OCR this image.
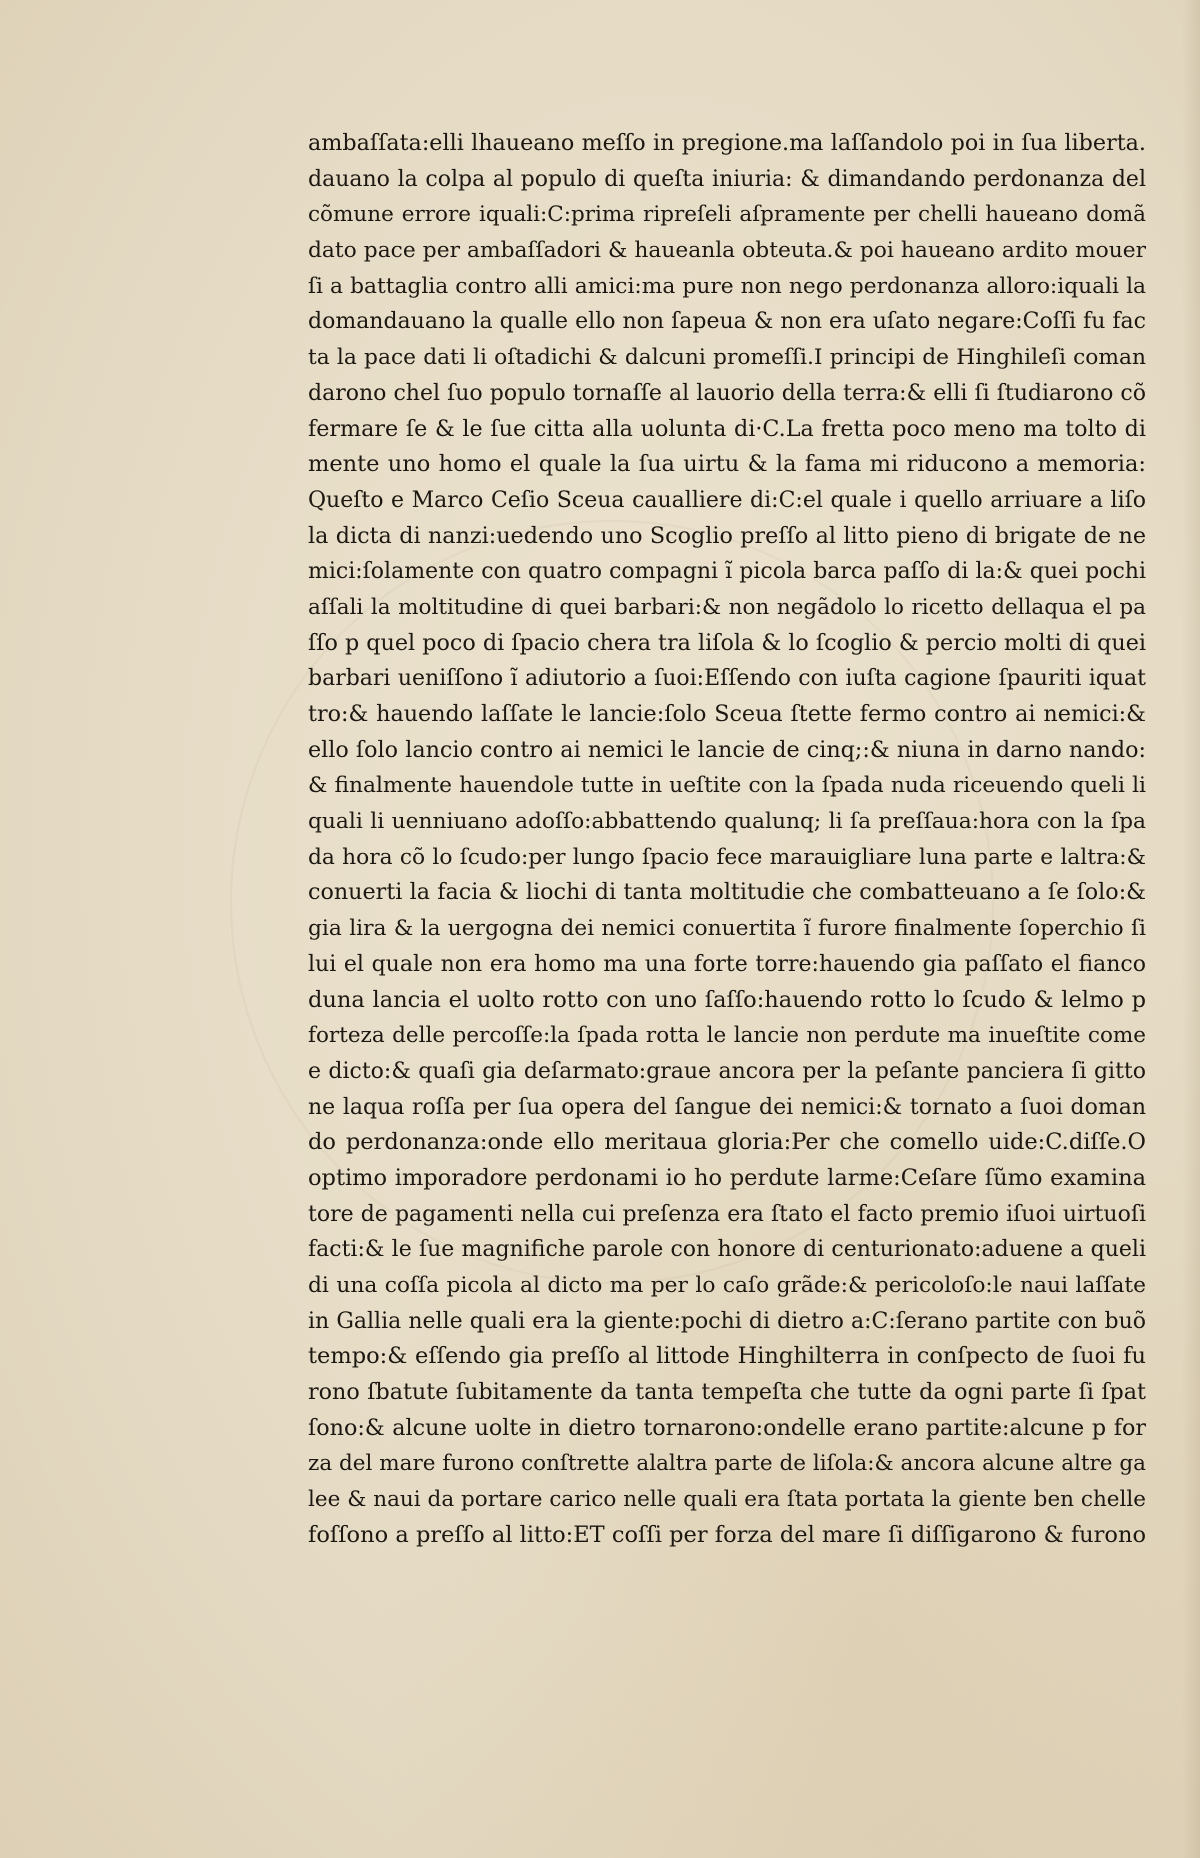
ambaſſata:elli lhaueano meſſo in pregione.ma laſſandolo poi in ſua liberta.
dauano la colpa al populo di queſta iniuria: & dimandando perdonanza del
cõmune errore iquali:C:prima ripreſeli aſpramente per chelli haueano domã
dato pace per ambaſſadori & haueanla obteuta.& poi haueano ardito mouer
ſi a battaglia contro alli amici:ma pure non nego perdonanza alloro:iquali la
domandauano la qualle ello non ſapeua & non era uſato negare:Coſſi fu fac
ta la pace dati li oſtadichi & dalcuni promeſſi.I principi de Hinghileſi coman
darono chel ſuo populo tornaſſe al lauorio della terra:& elli ſi ſtudiarono cõ
fermare ſe & le ſue citta alla uolunta di·C.La fretta poco meno ma tolto di
mente uno homo el quale la ſua uirtu & la fama mi riducono a memoria:
Queſto e Marco Ceſio Sceua caualliere di:C:el quale i quello arriuare a liſo
la dicta di nanzi:uedendo uno Scoglio preſſo al litto pieno di brigate de ne
mici:ſolamente con quatro compagni ĩ picola barca paſſo di la:& quei pochi
aſſali la moltitudine di quei barbari:& non negãdolo lo ricetto dellaqua el pa
ſſo p quel poco di ſpacio chera tra liſola & lo ſcoglio & percio molti di quei
barbari ueniſſono ĩ adiutorio a ſuoi:Eſſendo con iuſta cagione ſpauriti iquat
tro:& hauendo laſſate le lancie:ſolo Sceua ſtette fermo contro ai nemici:&
ello ſolo lancio contro ai nemici le lancie de cinq;:& niuna in darno nando:
& finalmente hauendole tutte in ueſtite con la ſpada nuda riceuendo queli li
quali li uenniuano adoſſo:abbattendo qualunq; li ſa preſſaua:hora con la ſpa
da hora cõ lo ſcudo:per lungo ſpacio fece marauigliare luna parte e laltra:&
conuerti la facia & liochi di tanta moltitudie che combatteuano a ſe ſolo:&
gia lira & la uergogna dei nemici conuertita ĩ furore finalmente ſoperchio ſi
lui el quale non era homo ma una forte torre:hauendo gia paſſato el fianco
duna lancia el uolto rotto con uno ſaſſo:hauendo rotto lo ſcudo & lelmo p
forteza delle percoſſe:la ſpada rotta le lancie non perdute ma inueſtite come
e dicto:& quaſi gia deſarmato:graue ancora per la peſante panciera ſi gitto
ne laqua roſſa per ſua opera del ſangue dei nemici:& tornato a ſuoi doman
do perdonanza:onde ello meritaua gloria:Per che comello uide:C.diſſe.O
optimo imporadore perdonami io ho perdute larme:Ceſare ſũmo examina
tore de pagamenti nella cui preſenza era ſtato el facto premio iſuoi uirtuoſi
facti:& le ſue magnifiche parole con honore di centurionato:aduene a queli
di una coſſa picola al dicto ma per lo caſo grãde:& pericoloſo:le naui laſſate
in Gallia nelle quali era la giente:pochi di dietro a:C:ſerano partite con buõ
tempo:& eſſendo gia preſſo al littode Hinghilterra in conſpecto de ſuoi fu
rono ſbatute ſubitamente da tanta tempeſta che tutte da ogni parte ſi ſpat
ſono:& alcune uolte in dietro tornarono:ondelle erano partite:alcune p for
za del mare furono conſtrette alaltra parte de liſola:& ancora alcune altre ga
lee & naui da portare carico nelle quali era ſtata portata la giente ben chelle
foſſono a preſſo al litto:ET coſſi per forza del mare ſi diſſigarono & furono
